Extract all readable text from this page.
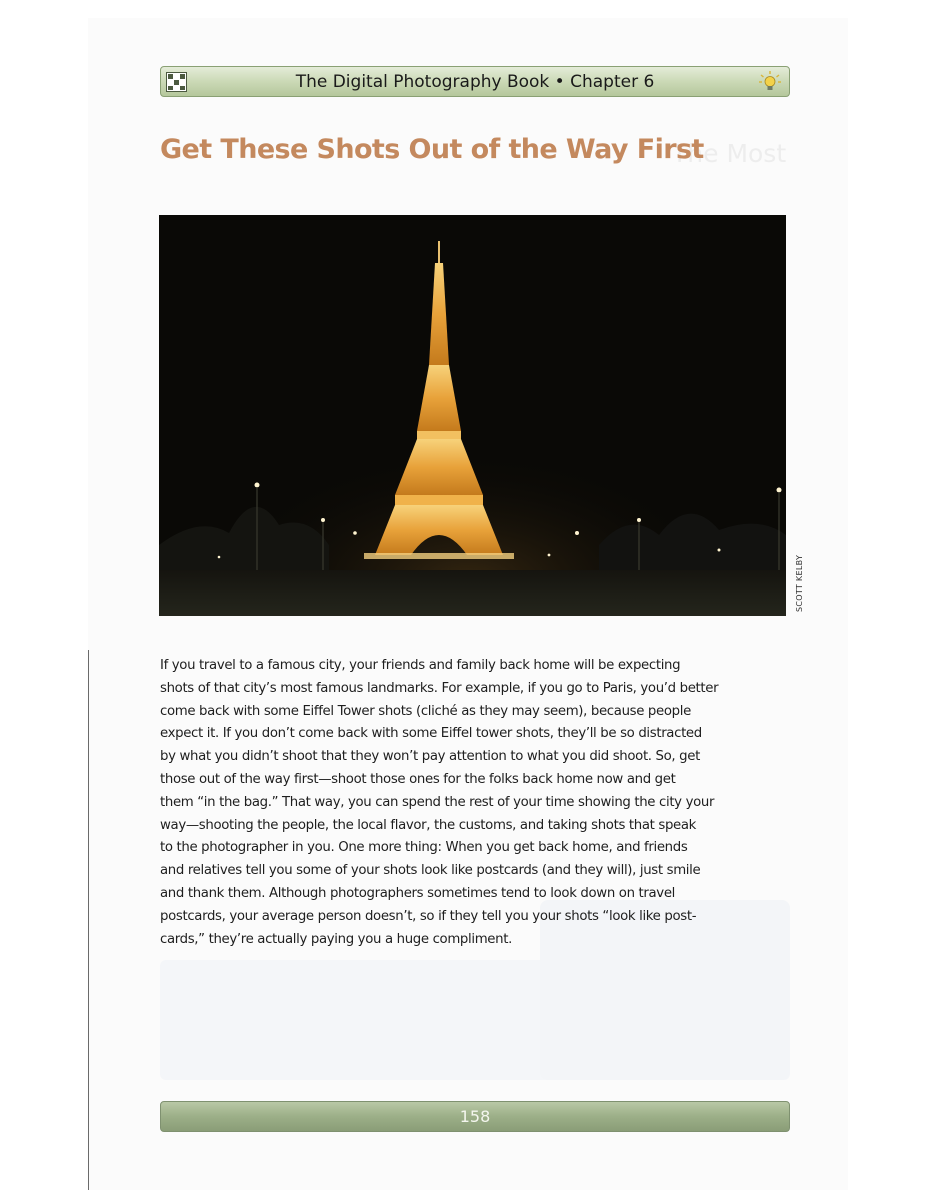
The Digital Photography Book • Chapter 6
The Most
Get These Shots Out of the Way First
SCOTT KELBY
If you travel to a famous city, your friends and family back home will be expecting
shots of that city’s most famous landmarks. For example, if you go to Paris, you’d better
come back with some Eiffel Tower shots (cliché as they may seem), because people
expect it. If you don’t come back with some Eiffel tower shots, they’ll be so distracted
by what you didn’t shoot that they won’t pay attention to what you did shoot. So, get
those out of the way first—shoot those ones for the folks back home now and get
them “in the bag.” That way, you can spend the rest of your time showing the city your
way—shooting the people, the local flavor, the customs, and taking shots that speak
to the photographer in you. One more thing: When you get back home, and friends
and relatives tell you some of your shots look like postcards (and they will), just smile
and thank them. Although photographers sometimes tend to look down on travel
postcards, your average person doesn’t, so if they tell you your shots “look like post-
cards,” they’re actually paying you a huge compliment.
158
